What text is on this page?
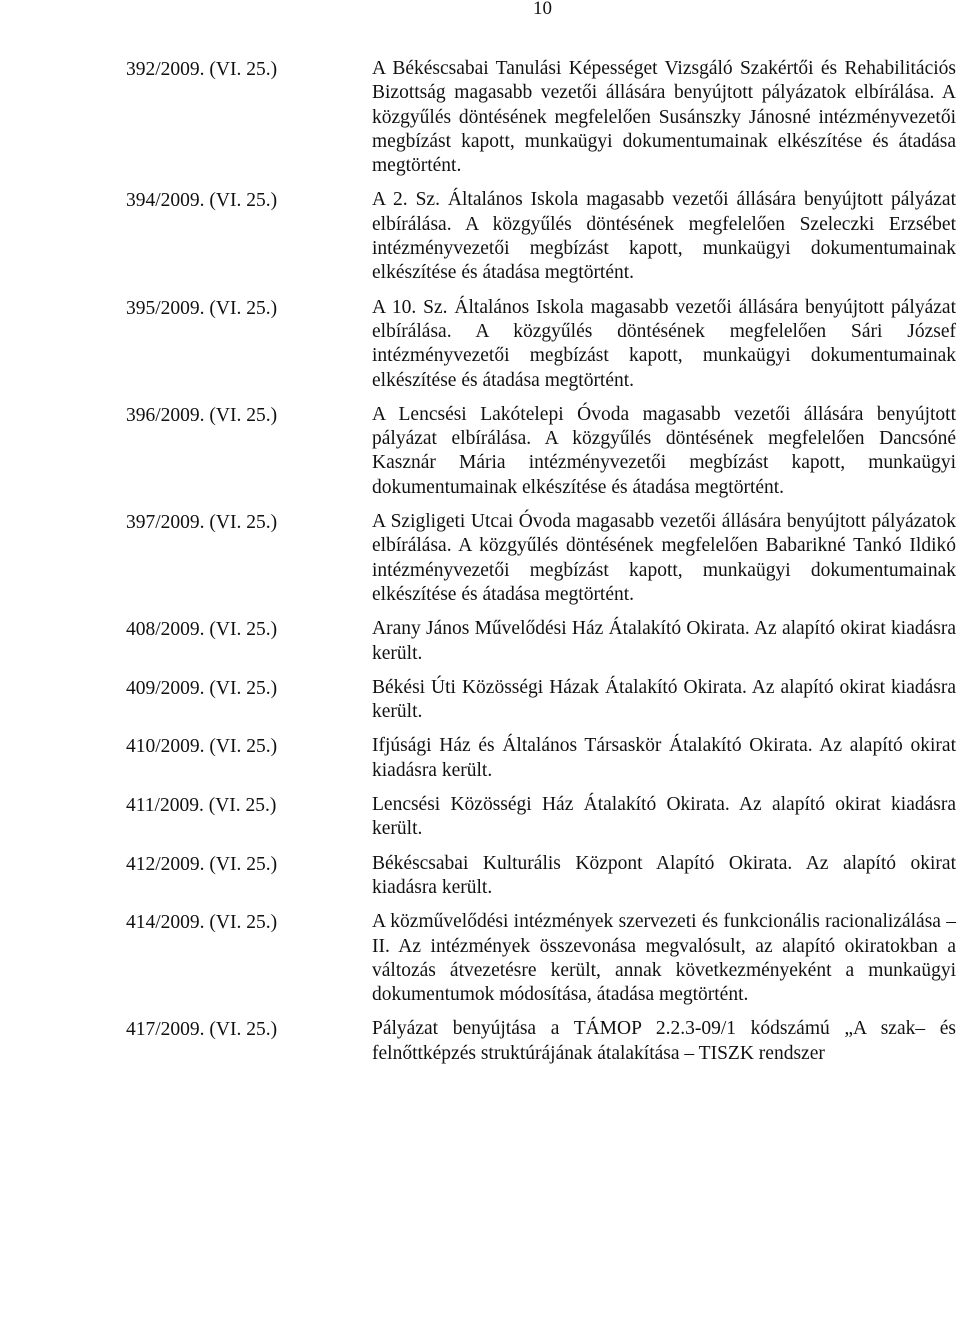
10
392/2009. (VI. 25.)	A Békéscsabai Tanulási Képességet Vizsgáló Szakértői és Rehabilitációs Bizottság magasabb vezetői állására benyújtott pályázatok elbírálása. A közgyűlés döntésének megfelelően Susánszky Jánosné intézményvezetői megbízást kapott, munkaügyi dokumentumainak elkészítése és átadása megtörtént.
394/2009. (VI. 25.)	A 2. Sz. Általános Iskola magasabb vezetői állására benyújtott pályázat elbírálása. A közgyűlés döntésének megfelelően Szeleczki Erzsébet intézményvezetői megbízást kapott, munkaügyi dokumentumainak elkészítése és átadása megtörtént.
395/2009. (VI. 25.)	A 10. Sz. Általános Iskola magasabb vezetői állására benyújtott pályázat elbírálása. A közgyűlés döntésének megfelelően Sári József intézményvezetői megbízást kapott, munkaügyi dokumentumainak elkészítése és átadása megtörtént.
396/2009. (VI. 25.)	A Lencsési Lakótelepi Óvoda magasabb vezetői állására benyújtott pályázat elbírálása. A közgyűlés döntésének megfelelően Dancsóné Kasznár Mária intézményvezetői megbízást kapott, munkaügyi dokumentumainak elkészítése és átadása megtörtént.
397/2009. (VI. 25.)	A Szigligeti Utcai Óvoda magasabb vezetői állására benyújtott pályázatok elbírálása. A közgyűlés döntésének megfelelően Babarikné Tankó Ildikó intézményvezetői megbízást kapott, munkaügyi dokumentumainak elkészítése és átadása megtörtént.
408/2009. (VI. 25.)	Arany János Művelődési Ház Átalakító Okirata. Az alapító okirat kiadásra került.
409/2009. (VI. 25.)	Békési Úti Közösségi Házak Átalakító Okirata. Az alapító okirat kiadásra került.
410/2009. (VI. 25.)	Ifjúsági Ház és Általános Társaskör Átalakító Okirata. Az alapító okirat kiadásra került.
411/2009. (VI. 25.)	Lencsési Közösségi Ház Átalakító Okirata. Az alapító okirat kiadásra került.
412/2009. (VI. 25.)	Békéscsabai Kulturális Központ Alapító Okirata. Az alapító okirat kiadásra került.
414/2009. (VI. 25.)	A közművelődési intézmények szervezeti és funkcionális racionalizálása – II. Az intézmények összevonása megvalósult, az alapító okiratokban a változás átvezetésre került, annak következményeként a munkaügyi dokumentumok módosítása, átadása megtörtént.
417/2009. (VI. 25.)	Pályázat benyújtása a TÁMOP 2.2.3-09/1 kódszámú „A szak– és felnőttképzés struktúrájának átalakítása – TISZK rendszer
